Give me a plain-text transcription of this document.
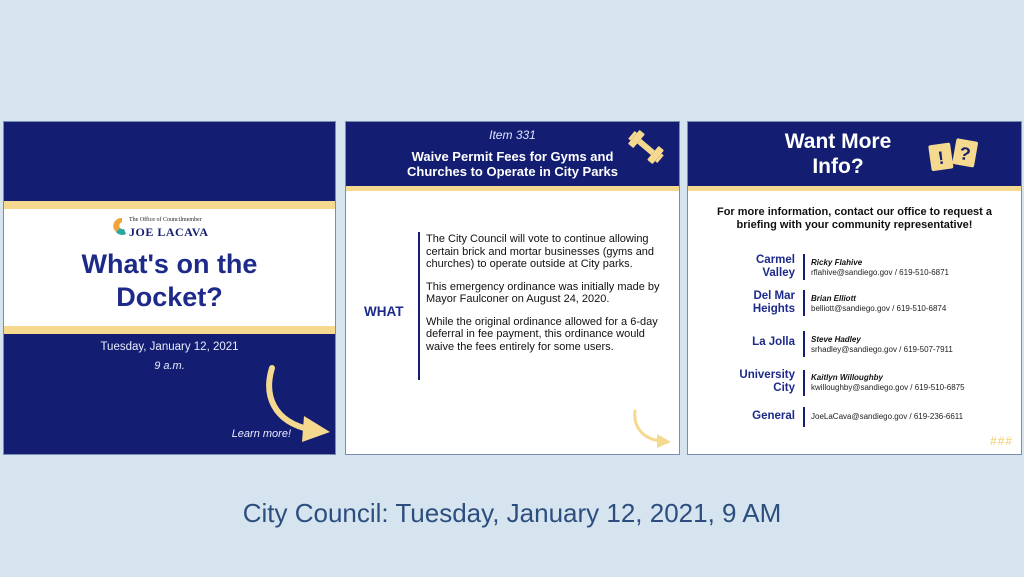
The Office of Councilmember
JOE LACAVA
What's on the
Docket?
Tuesday, January 12, 2021
9 a.m.
Learn more!
Item 331
Waive Permit Fees for Gyms and
Churches to Operate in City Parks
WHAT

The City Council will vote to continue allowing certain brick and mortar businesses (gyms and churches) to operate outside at City parks.

This emergency ordinance was initially made by Mayor Faulconer on August 24, 2020.

While the original ordinance allowed for a 6-day deferral in fee payment, this ordinance would waive the fees entirely for some users.

Want More
Info?	! ?
For more information, contact our office to request a briefing with your community representative!
Carmel
Valley
Ricky Flahive
rflahive@sandiego.gov / 619-510-6871
Del Mar
Heights
Brian Elliott
belliott@sandiego.gov / 619-510-6874
La Jolla Steve Hadley
srhadley@sandiego.gov / 619-507-7911
University
City
Kaitlyn Willoughby
kwilloughby@sandiego.gov / 619-510-6875
General JoeLaCava@sandiego.gov / 619-236-6611
###
City Council: Tuesday, January 12, 2021, 9 AM
